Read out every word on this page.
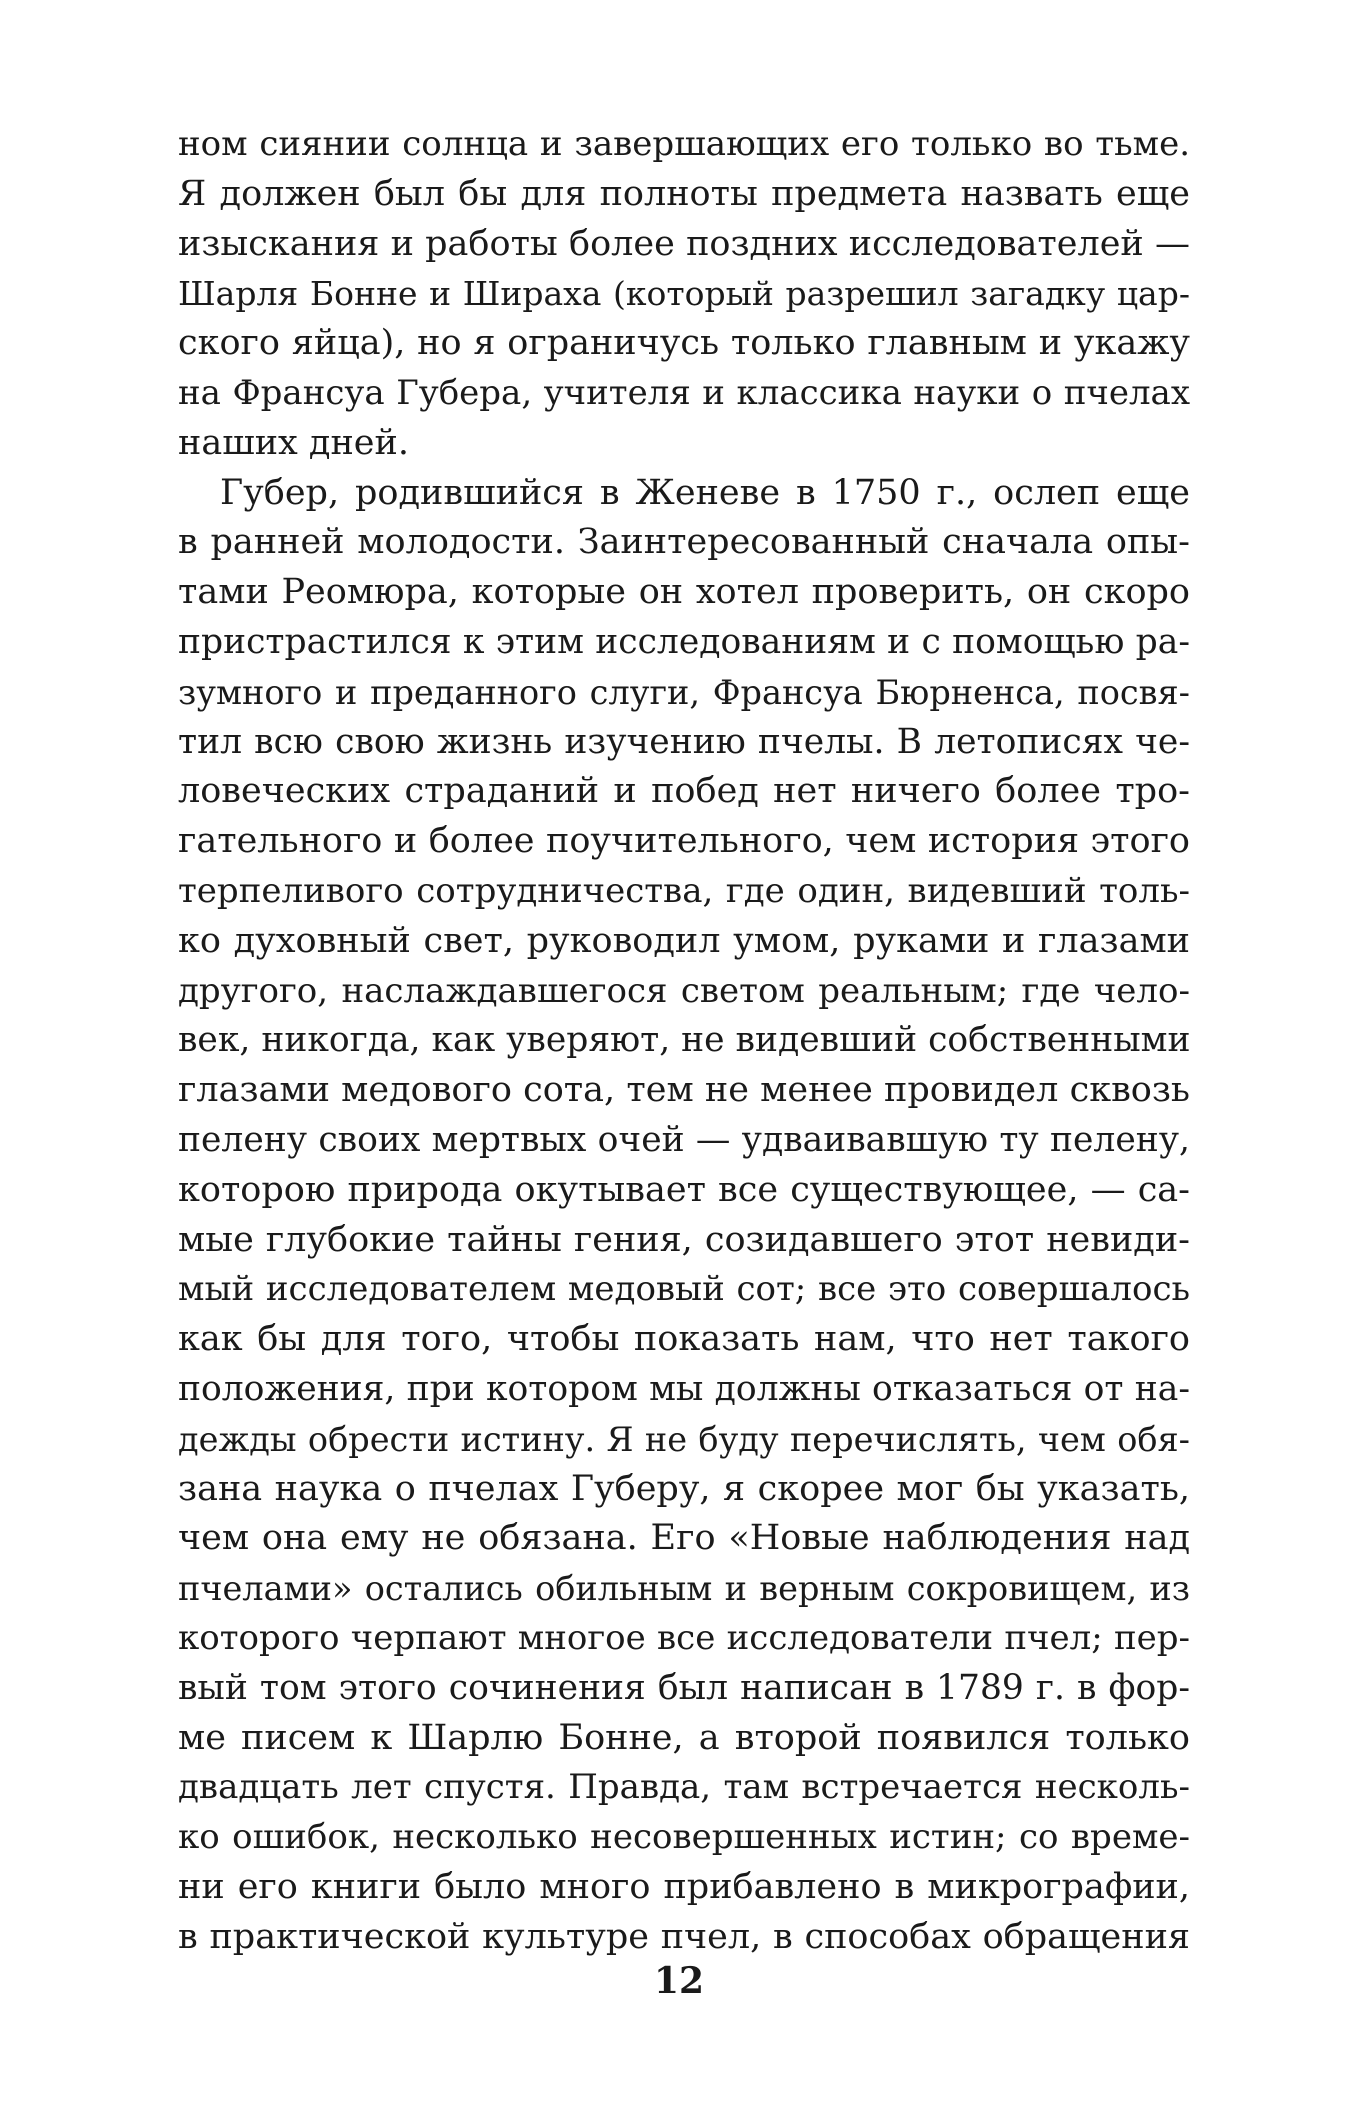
ном сиянии солнца и завершающих его только во тьме.
Я должен был бы для полноты предмета назвать еще
изыскания и работы более поздних исследователей —
Шарля Бонне и Шираха (который разрешил загадку цар-
ского яйца), но я ограничусь только главным и укажу
на Франсуа Губера, учителя и классика науки о пчелах
наших дней.
Губер, родившийся в Женеве в 1750 г., ослеп еще
в ранней молодости. Заинтересованный сначала опы-
тами Реомюра, которые он хотел проверить, он скоро
пристрастился к этим исследованиям и с помощью ра-
зумного и преданного слуги, Франсуа Бюрненса, посвя-
тил всю свою жизнь изучению пчелы. В летописях че-
ловеческих страданий и побед нет ничего более тро-
гательного и более поучительного, чем история этого
терпеливого сотрудничества, где один, видевший толь-
ко духовный свет, руководил умом, руками и глазами
другого, наслаждавшегося светом реальным; где чело-
век, никогда, как уверяют, не видевший собственными
глазами медового сота, тем не менее провидел сквозь
пелену своих мертвых очей — удваивавшую ту пелену,
которою природа окутывает все существующее, — са-
мые глубокие тайны гения, созидавшего этот невиди-
мый исследователем медовый сот; все это совершалось
как бы для того, чтобы показать нам, что нет такого
положения, при котором мы должны отказаться от на-
дежды обрести истину. Я не буду перечислять, чем обя-
зана наука о пчелах Губеру, я скорее мог бы указать,
чем она ему не обязана. Его «Новые наблюдения над
пчелами» остались обильным и верным сокровищем, из
которого черпают многое все исследователи пчел; пер-
вый том этого сочинения был написан в 1789 г. в фор-
ме писем к Шарлю Бонне, а второй появился только
двадцать лет спустя. Правда, там встречается несколь-
ко ошибок, несколько несовершенных истин; со време-
ни его книги было много прибавлено в микрографии,
в практической культуре пчел, в способах обращения
12
